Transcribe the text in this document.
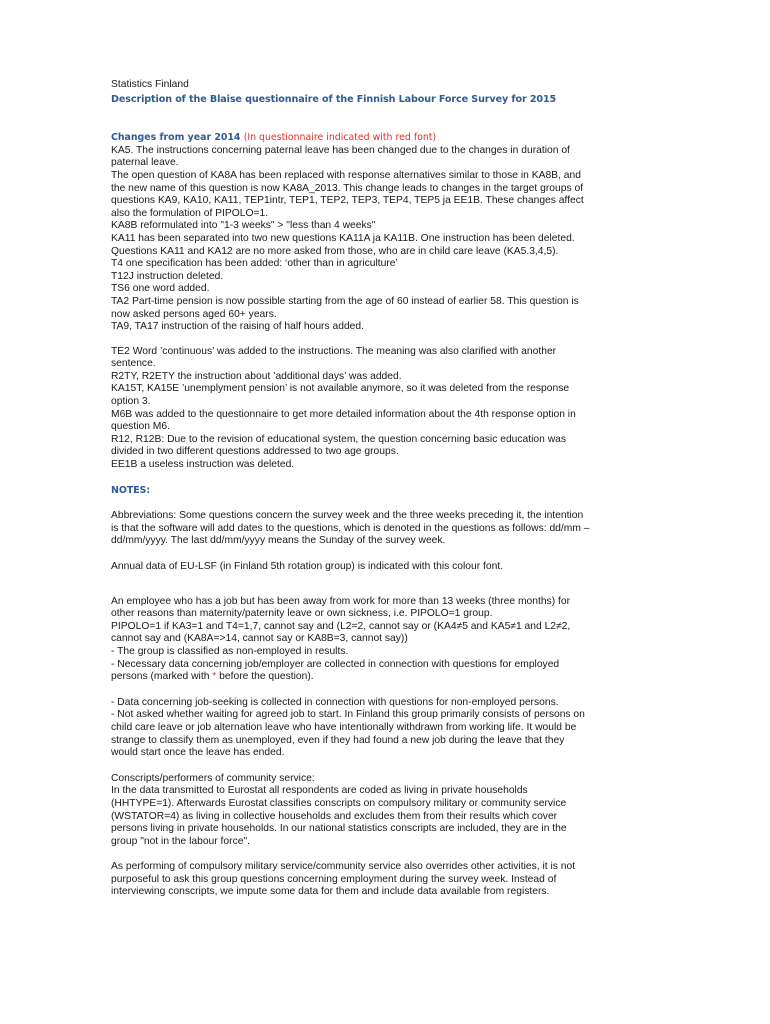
Statistics Finland

Description of the Blaise questionnaire of the Finnish Labour Force Survey for 2015

Changes from year 2014 (In questionnaire indicated with red font)

KA5. The instructions concerning paternal leave has been changed due to the changes in duration of paternal leave.

The open question of KA8A has been replaced with response alternatives similar to those in KA8B, and the new name of this question is now KA8A_2013. This change leads to changes in the target groups of questions KA9, KA10, KA11, TEP1intr, TEP1, TEP2, TEP3, TEP4, TEP5 ja EE1B. These changes affect also the formulation of PIPOLO=1.

KA8B reformulated into "1-3 weeks" > "less than 4 weeks"

KA11 has been separated into two new questions KA11A ja KA11B. One instruction has been deleted. Questions KA11 and KA12 are no more asked from those, who are in child care leave (KA5.3,4,5).

T4 one specification has been added: ‘other than in agriculture’

T12J instruction deleted.

TS6 one word added.

TA2 Part-time pension is now possible starting from the age of 60 instead of earlier 58. This question is now asked persons aged 60+ years.

TA9, TA17 instruction of the raising of half hours added.

TE2 Word ’continuous’ was added to the instructions. The meaning was also clarified with another sentence.

R2TY, R2ETY the instruction about ’additional days’ was added.

KA15T, KA15E ’unemplyment pension’ is not available anymore, so it was deleted from the response option 3.

M6B was added to the questionnaire to get more detailed information about the 4th response option in question M6.

R12, R12B: Due to the revision of educational system, the question concerning basic education was divided in two different questions addressed to two age groups.

EE1B a useless instruction was deleted.

NOTES:

Abbreviations: Some questions concern the survey week and the three weeks preceding it, the intention is that the software will add dates to the questions, which is denoted in the questions as follows: dd/mm – dd/mm/yyyy. The last dd/mm/yyyy means the Sunday of the survey week.

Annual data of EU-LSF (in Finland 5th rotation group) is indicated with this colour font.

An employee who has a job but has been away from work for more than 13 weeks (three months) for other reasons than maternity/paternity leave or own sickness, i.e. PIPOLO=1 group.

PIPOLO=1 if KA3=1 and T4=1,7, cannot say and (L2=2, cannot say or (KA4≠5 and KA5≠1 and L2≠2, cannot say and (KA8A=>14, cannot say or KA8B=3, cannot say))

- The group is classified as non-employed in results.

- Necessary data concerning job/employer are collected in connection with questions for employed persons (marked with * before the question).

- Data concerning job-seeking is collected in connection with questions for non-employed persons.

- Not asked whether waiting for agreed job to start. In Finland this group primarily consists of persons on child care leave or job alternation leave who have intentionally withdrawn from working life. It would be strange to classify them as unemployed, even if they had found a new job during the leave that they would start once the leave has ended.

Conscripts/performers of community service:

In the data transmitted to Eurostat all respondents are coded as living in private households (HHTYPE=1). Afterwards Eurostat classifies conscripts on compulsory military or community service (WSTATOR=4) as living in collective households and excludes them from their results which cover persons living in private households. In our national statistics conscripts are included, they are in the group "not in the labour force".

As performing of compulsory military service/community service also overrides other activities, it is not purposeful to ask this group questions concerning employment during the survey week. Instead of interviewing conscripts, we impute some data for them and include data available from registers.
